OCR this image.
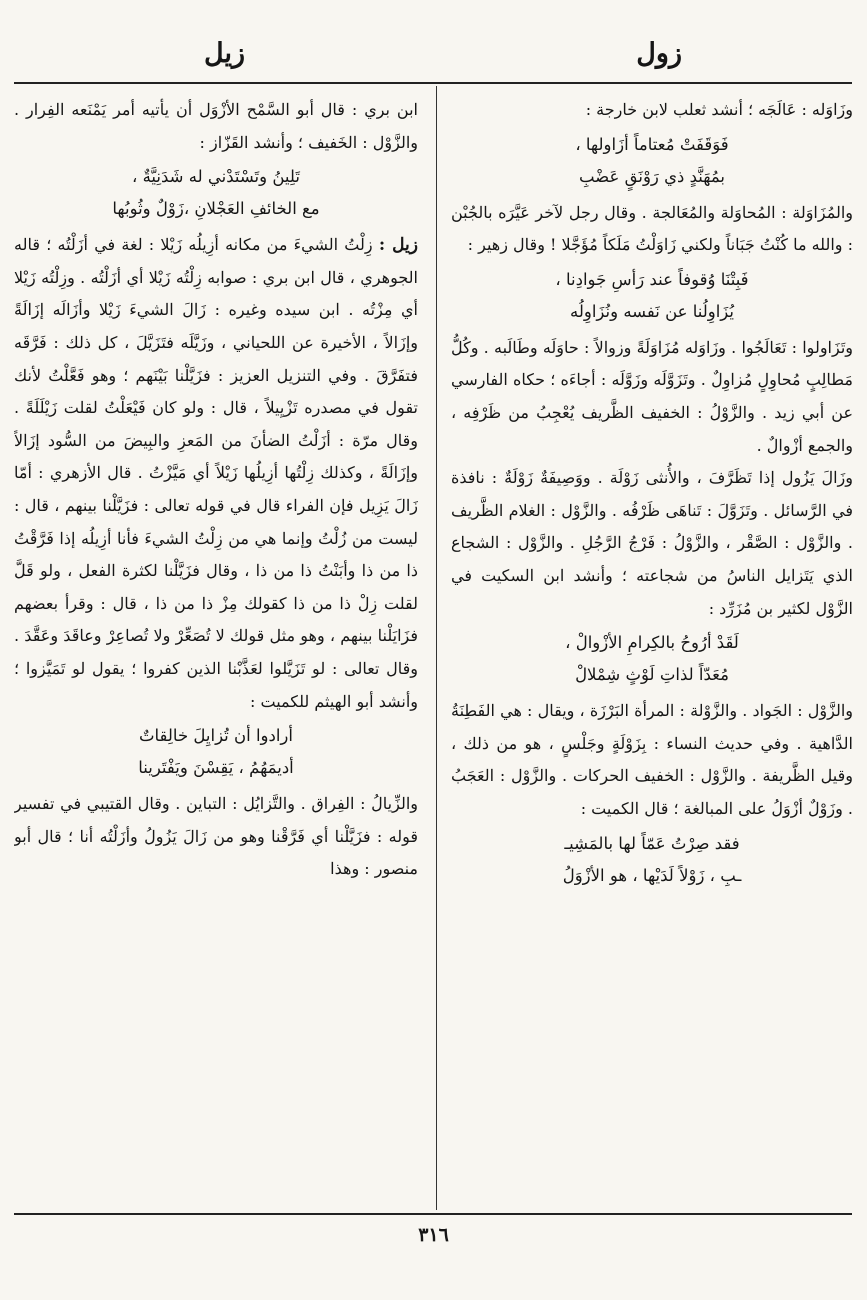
زول
زيل

وزَاوَله : عَالَجَه ؛ أنشد ثعلب لابن خارجة :

فَوَقَفَتْ مُعتاماً أزَاولها ،
بمُهَنَّدٍ ذي رَوْنَقٍ عَضْبِ

والمُزَاوَلة : المُحاوَلة والمُعَالجة . وقال رجل لآخر عَيَّرَه بالجُبْن : والله ما كُنْتُ جَبَاناً ولكني زَاوَلْتُ مَلَكاً مُؤَجَّلا ! وقال زهير :

فَبِتْنَا وُقوفاً عند رَأسِ جَوادِنا ،
يُزَاوِلُنا عن نَفسه ونُزَاوِلُه

وتَزَاولوا : تَعَالَجُوا . وزَاوَله مُزَاوَلَةً وزوالاً : حاوَلَه وطَالَبه . وكُلُّ مَطالِبٍ مُحاوِلٍ مُزاوِلٌ . وتَزَوَّلَه وزَوَّلَه : أجاءَه ؛ حكاه الفارسي عن أبي زيد . والزَّوْلُ : الخفيف الظَّريف يُعْجِبُ من ظَرْفِه ، والجمع أزْوالٌ .

وزَالَ يَزُول إذا تَظَرَّفَ ، والأُنثى زَوْلَة . ووَصِيفَةٌ زَوْلَةٌ : نافذة في الرَّسائل . وتَزَوَّلَ : تَناهَى ظَرْفُه . والزَّوْل : الغلام الظَّريف . والزَّوْل : الصَّقْر ، والزَّوْلُ : فَرْجُ الرَّجُلِ . والزَّوْل : الشجاع الذي يَتَزايل الناسُ من شجاعته ؛ وأنشد ابن السكيت في الزَّوْل لكثير بن مُزَرِّد :

لَقَدْ أرُوحُ بالكِرامِ الأزْوالْ ،
مُعَدّاً لذاتِ لَوْثٍ شِمْلالْ

والزَّوْل : الجَواد . والزَّوْلة : المرأة البَرْزَة ، ويقال : هي الفَطِنَةُ الدَّاهية . وفي حديث النساء : بِزَوْلَةٍ وجَلْسٍ ، هو من ذلك ، وقيل الظَّريفة . والزَّوْل : الخفيف الحركات . والزَّوْل : العَجَبُ . وزَوْلٌ أزْوَلُ على المبالغة ؛ قال الكميت :

فقد صِرْتُ عَمّاً لها بالمَشِيـ
ـبِ ، زَوْلاً لَدَيْها ، هو الأزْوَلُ

ابن بري : قال أبو السَّمْح الأزْوَل أن يأتيه أمر يَمْنَعه الفِرار . والزَّوْل : الخَفيف ؛ وأنشد القَزّاز :

تَلِينُ وتَسْتَدْني له شَدَنِيَّةٌ ،
مع الخائفِ العَجْلانِ ،زَوْلٌ وثُوبُها

زيل : زِلْتُ الشيءَ من مكانه أزِيلُه زَيْلا : لغة في أزَلْتُه ؛ قاله الجوهري ، قال ابن بري : صوابه زِلْتُه زَيْلا أي أزَلْتُه . وزِلْتُه زَيْلا أي مِزْتُه . ابن سيده وغيره : زَالَ الشيءَ زَيْلا وأزَالَه إزَالَةً وإزَالاً ، الأخيرة عن اللحياني ، وزَيَّلَه فتَزَيَّلَ ، كل ذلك : فَرَّقَه فتفَرَّقَ . وفي التنزيل العزيز : فزَيَّلْنا بَيْنَهم ؛ وهو فَعَّلْتُ لأنك تقول في مصدره تَزْيِيلاً ، قال : ولو كان فَيْعَلْتُ لقلت زَيْلَلَةً . وقال مرّة : أزَلْتُ الضأنَ من المَعزِ والبِيضَ من السُّود إزَالاً وإزَالَةً ، وكذلك زِلْتُها أزِيلُها زَيْلاً أي مَيَّزْتُ . قال الأزهري : أمّا زَالَ يَزِيل فإن الفراء قال في قوله تعالى : فزَيَّلْنا بينهم ، قال : ليست من زُلْتُ وإنما هي من زِلْتُ الشيءَ فأنا أزِيلُه إذا فَرَّقْتُ ذا من ذا وأبَنْتُ ذا من ذا ، وقال فزَيَّلْنا لكثرة الفعل ، ولو قَلَّ لقلت زِلْ ذا من ذا كقولك مِزْ ذا من ذا ، قال : وقرأ بعضهم فزَايَلْنا بينهم ، وهو مثل قولك لا تُصَعِّرْ ولا تُصاعِرْ وعاقَدَ وعَقَّدَ . وقال تعالى : لو تَزَيَّلوا لعَذَّبْنا الذين كفروا ؛ يقول لو تَمَيَّزوا ؛ وأنشد أبو الهيثم للكميت :

أرادوا أن تُزايِلَ خالِقاتٌ
أديمَهُمُ ، يَقِسْنَ ويَفْتَرينا

والزِّيالُ : الفِراق . والتَّزايُل : التباين . وقال القتيبي في تفسير قوله : فزَيَّلْنا أي فَرَّقْنا وهو من زَالَ يَزُولُ وأزَلْتُه أنا ؛ قال أبو منصور : وهذا

٣١٦
